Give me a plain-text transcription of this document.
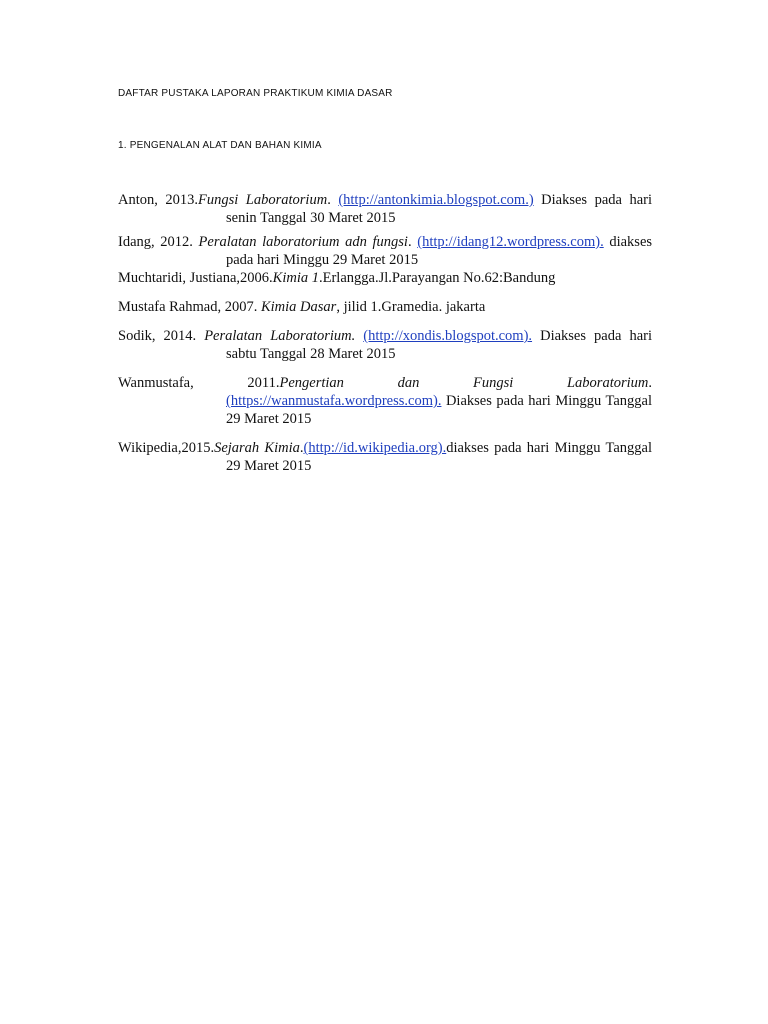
DAFTAR PUSTAKA LAPORAN PRAKTIKUM KIMIA DASAR
1. PENGENALAN ALAT DAN BAHAN KIMIA
Anton, 2013.Fungsi Laboratorium. (http://antonkimia.blogspot.com.) Diakses pada hari senin Tanggal 30 Maret 2015
Idang, 2012. Peralatan laboratorium adn fungsi. (http://idang12.wordpress.com). diakses pada hari Minggu 29 Maret 2015
Muchtaridi, Justiana,2006.Kimia 1.Erlangga.Jl.Parayangan No.62:Bandung
Mustafa Rahmad, 2007. Kimia Dasar, jilid 1.Gramedia. jakarta
Sodik, 2014. Peralatan Laboratorium. (http://xondis.blogspot.com). Diakses pada hari sabtu Tanggal 28 Maret 2015
Wanmustafa, 2011.Pengertian dan Fungsi Laboratorium. (https://wanmustafa.wordpress.com). Diakses pada hari Minggu Tanggal 29 Maret 2015
Wikipedia,2015.Sejarah Kimia.(http://id.wikipedia.org).diakses pada hari Minggu Tanggal 29 Maret 2015
